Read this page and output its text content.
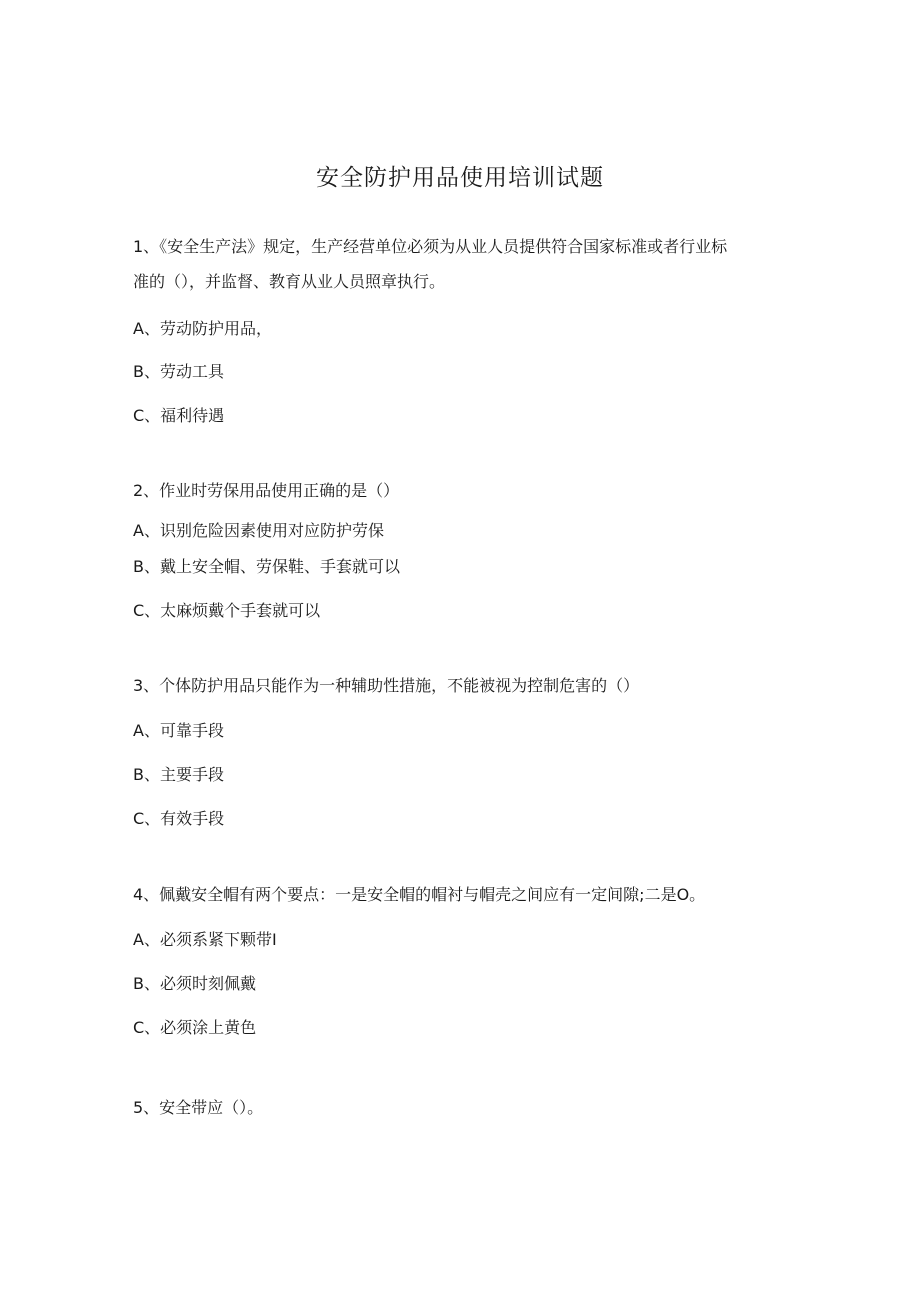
安全防护用品使用培训试题
1、《安全生产法》规定，生产经营单位必须为从业人员提供符合国家标准或者行业标
准的（），并监督、教育从业人员照章执行。
A、劳动防护用品，
B、劳动工具
C、福利待遇
2、作业时劳保用品使用正确的是（）
A、识别危险因素使用对应防护劳保
B、戴上安全帽、劳保鞋、手套就可以
C、太麻烦戴个手套就可以
3、个体防护用品只能作为一种辅助性措施，不能被视为控制危害的（）
A、可靠手段
B、主要手段
C、有效手段
4、佩戴安全帽有两个要点：一是安全帽的帽衬与帽壳之间应有一定间隙;二是O。
A、必须系紧下颗带I
B、必须时刻佩戴
C、必须涂上黄色
5、安全带应（）。
